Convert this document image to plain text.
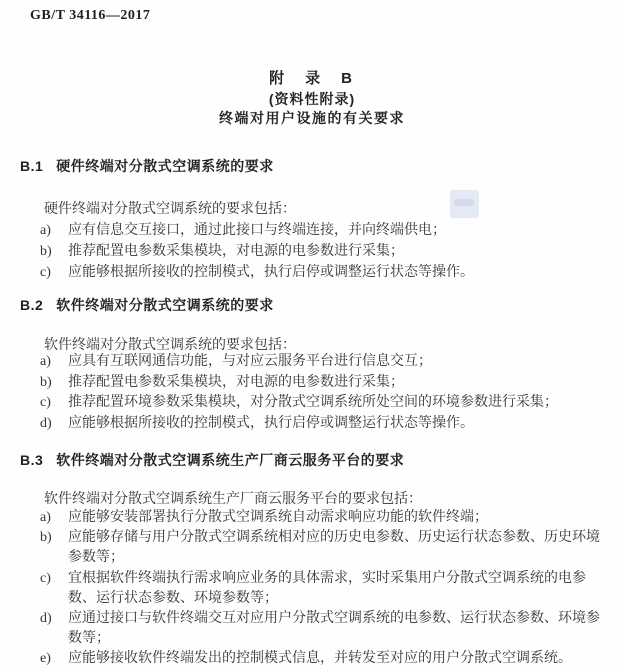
GB/T 34116—2017
附　录　B
(资料性附录)
终端对用户设施的有关要求
B.1 硬件终端对分散式空调系统的要求
硬件终端对分散式空调系统的要求包括：
a)	应有信息交互接口，通过此接口与终端连接，并向终端供电；
b)	推荐配置电参数采集模块，对电源的电参数进行采集；
c)	应能够根据所接收的控制模式，执行启停或调整运行状态等操作。
B.2 软件终端对分散式空调系统的要求
软件终端对分散式空调系统的要求包括：
a)	应具有互联网通信功能，与对应云服务平台进行信息交互；
b)	推荐配置电参数采集模块，对电源的电参数进行采集；
c)	推荐配置环境参数采集模块，对分散式空调系统所处空间的环境参数进行采集；
d)	应能够根据所接收的控制模式，执行启停或调整运行状态等操作。
B.3 软件终端对分散式空调系统生产厂商云服务平台的要求
软件终端对分散式空调系统生产厂商云服务平台的要求包括：
a)	应能够安装部署执行分散式空调系统自动需求响应功能的软件终端；
b)	应能够存储与用户分散式空调系统相对应的历史电参数、历史运行状态参数、历史环境参数等；
c)	宜根据软件终端执行需求响应业务的具体需求，实时采集用户分散式空调系统的电参数、运行状态参数、环境参数等；
d)	应通过接口与软件终端交互对应用户分散式空调系统的电参数、运行状态参数、环境参数等；
e)	应能够接收软件终端发出的控制模式信息，并转发至对应的用户分散式空调系统。
